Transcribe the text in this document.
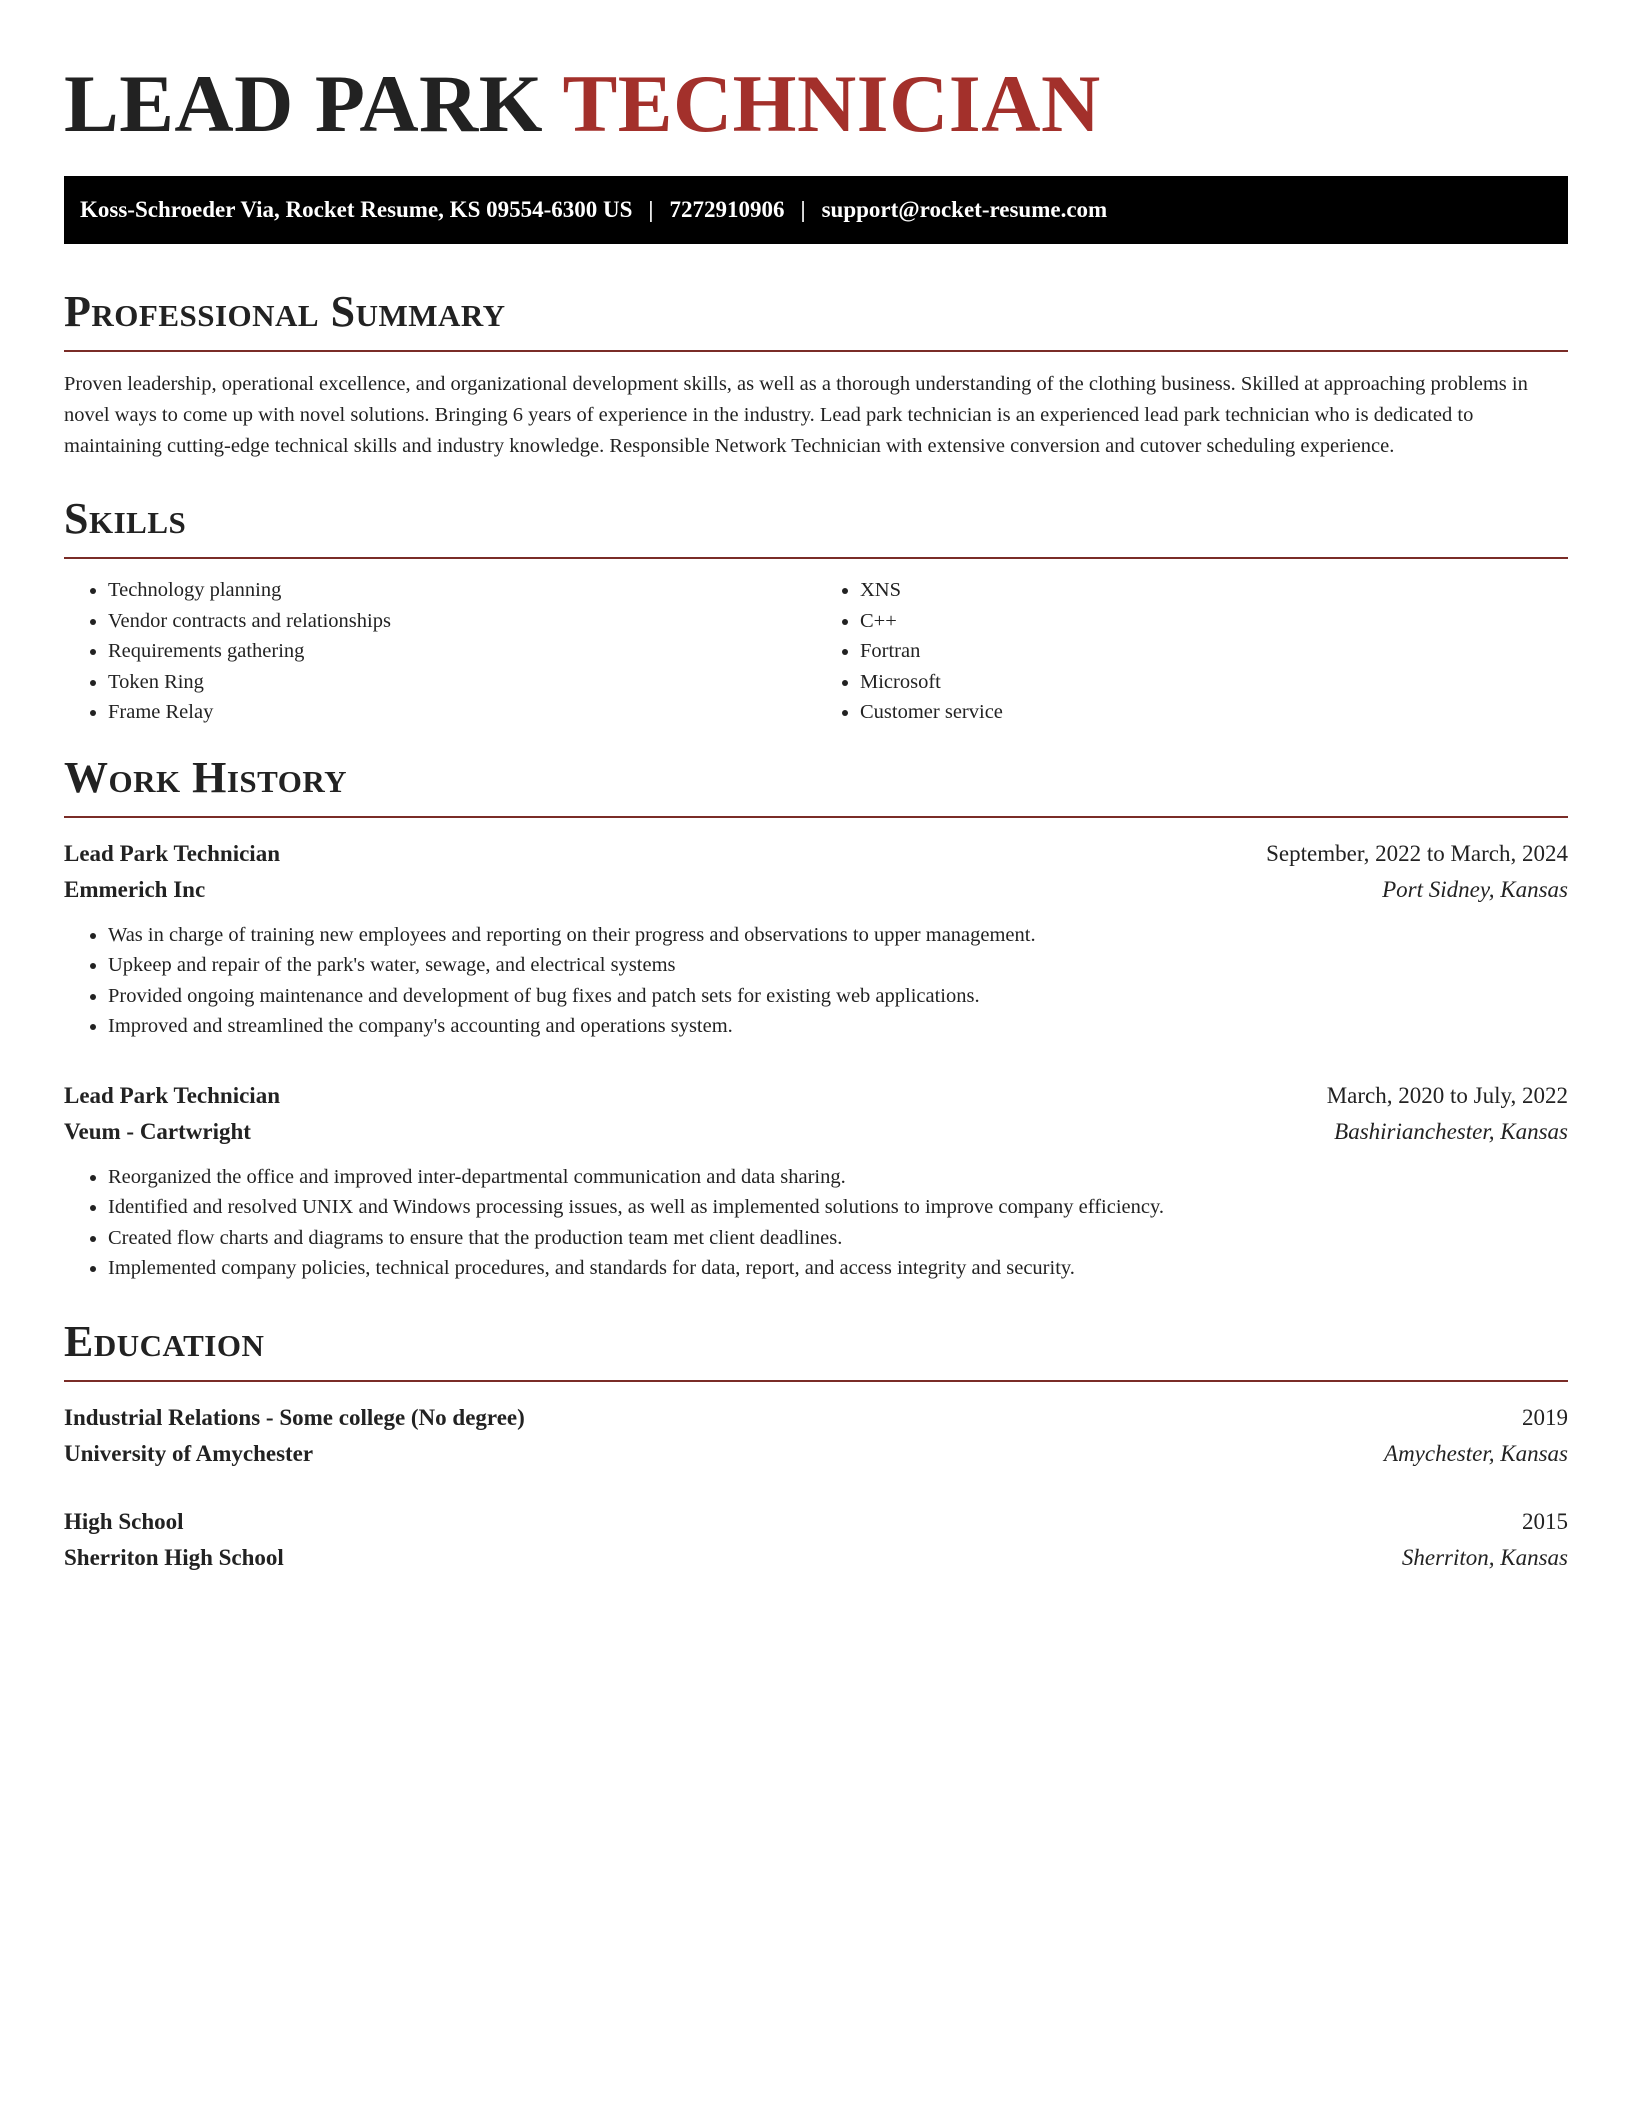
LEAD PARK TECHNICIAN
Koss-Schroeder Via, Rocket Resume, KS 09554-6300 US | 7272910906 | support@rocket-resume.com
Professional Summary

Proven leadership, operational excellence, and organizational development skills, as well as a thorough understanding of the clothing business. Skilled at approaching problems in novel ways to come up with novel solutions. Bringing 6 years of experience in the industry. Lead park technician is an experienced lead park technician who is dedicated to maintaining cutting-edge technical skills and industry knowledge. Responsible Network Technician with extensive conversion and cutover scheduling experience.

Skills
• Technology planning
• Vendor contracts and relationships
• Requirements gathering
• Token Ring
• Frame Relay
• XNS
• C++
• Fortran
• Microsoft
• Customer service
Work History
Lead Park Technician	September, 2022 to March, 2024
Emmerich Inc	Port Sidney, Kansas
• Was in charge of training new employees and reporting on their progress and observations to upper management.
• Upkeep and repair of the park's water, sewage, and electrical systems
• Provided ongoing maintenance and development of bug fixes and patch sets for existing web applications.
• Improved and streamlined the company's accounting and operations system.
Lead Park Technician	March, 2020 to July, 2022
Veum - Cartwright	Bashirianchester, Kansas
• Reorganized the office and improved inter-departmental communication and data sharing.
• Identified and resolved UNIX and Windows processing issues, as well as implemented solutions to improve company efficiency.
• Created flow charts and diagrams to ensure that the production team met client deadlines.
• Implemented company policies, technical procedures, and standards for data, report, and access integrity and security.
Education
Industrial Relations - Some college (No degree)	2019
University of Amychester	Amychester, Kansas
High School	2015
Sherriton High School	Sherriton, Kansas
